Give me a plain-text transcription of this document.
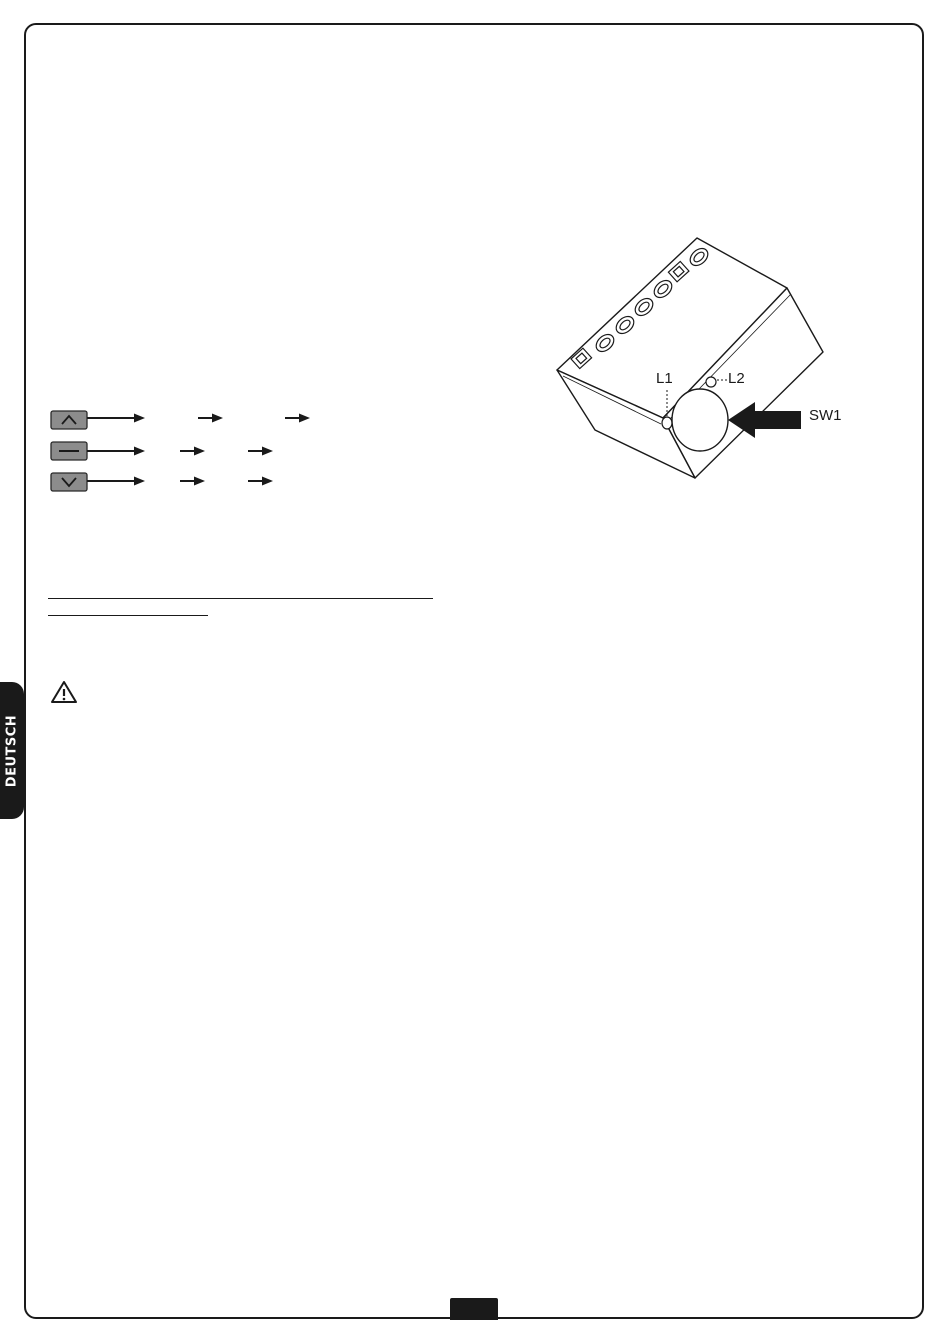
DEUTSCH
L1	L2
SW1
